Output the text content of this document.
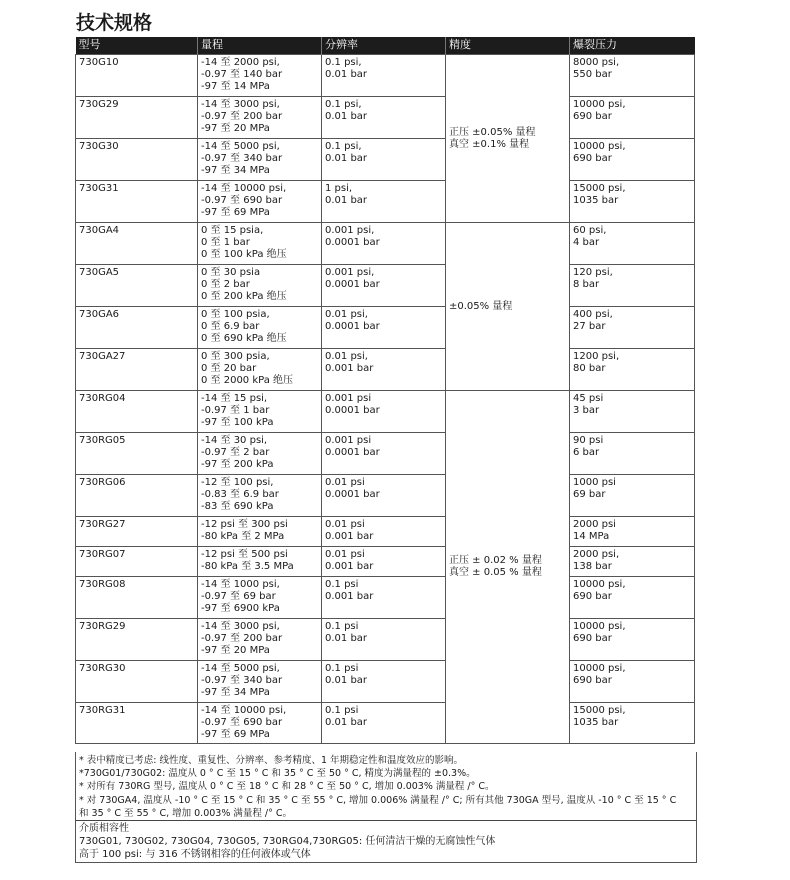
技术规格
型号	量程	分辨率	精度	爆裂压力
730G10	-14 至 2000 psi,
-0.97 至 140 bar
-97 至 14 MPa	0.1 psi,
0.01 bar	正压 ±0.05% 量程
真空 ±0.1% 量程	8000 psi,
550 bar

730G29	-14 至 3000 psi,
-0.97 至 200 bar
-97 至 20 MPa	0.1 psi,
0.01 bar		10000 psi,
690 bar

730G30	-14 至 5000 psi,
-0.97 至 340 bar
-97 至 34 MPa	0.1 psi,
0.01 bar		10000 psi,
690 bar

730G31	-14 至 10000 psi,
-0.97 至 690 bar
-97 至 69 MPa	1 psi,
0.01 bar		15000 psi,
1035 bar

730GA4	0 至 15 psia,
0 至 1 bar
0 至 100 kPa 绝压	0.001 psi,
0.0001 bar	±0.05% 量程	60 psi,
4 bar

730GA5	0 至 30 psia
0 至 2 bar
0 至 200 kPa 绝压	0.001 psi,
0.0001 bar		120 psi,
8 bar

730GA6	0 至 100 psia,
0 至 6.9 bar
0 至 690 kPa 绝压	0.01 psi,
0.0001 bar		400 psi,
27 bar

730GA27	0 至 300 psia,
0 至 20 bar
0 至 2000 kPa 绝压	0.01 psi,
0.001 bar		1200 psi,
80 bar

730RG04	-14 至 15 psi,
-0.97 至 1 bar
-97 至 100 kPa	0.001 psi
0.0001 bar	正压 ± 0.02 % 量程
真空 ± 0.05 % 量程	45 psi
3 bar

730RG05	-14 至 30 psi,
-0.97 至 2 bar
-97 至 200 kPa	0.001 psi
0.0001 bar		90 psi
6 bar

730RG06	-12 至 100 psi,
-0.83 至 6.9 bar
-83 至 690 kPa	0.01 psi
0.0001 bar		1000 psi
69 bar

730RG27	-12 psi 至 300 psi
-80 kPa 至 2 MPa	0.01 psi
0.001 bar		2000 psi
14 MPa

730RG07	-12 psi 至 500 psi
-80 kPa 至 3.5 MPa	0.01 psi
0.001 bar		2000 psi,
138 bar

730RG08	-14 至 1000 psi,
-0.97 至 69 bar
-97 至 6900 kPa	0.1 psi
0.001 bar		10000 psi,
690 bar

730RG29	-14 至 3000 psi,
-0.97 至 200 bar
-97 至 20 MPa	0.1 psi
0.01 bar		10000 psi,
690 bar

730RG30	-14 至 5000 psi,
-0.97 至 340 bar
-97 至 34 MPa	0.1 psi
0.01 bar		10000 psi,
690 bar

730RG31	-14 至 10000 psi,
-0.97 至 690 bar
-97 至 69 MPa	0.1 psi
0.01 bar		15000 psi,
1035 bar
* 表中精度已考虑: 线性度、重复性、分辨率、参考精度、1 年期稳定性和温度效应的影响。
*730G01/730G02: 温度从 0 ° C 至 15 ° C 和 35 ° C 至 50 ° C, 精度为满量程的 ±0.3%。
* 对所有 730RG 型号, 温度从 0 ° C 至 18 ° C 和 28 ° C 至 50 ° C, 增加 0.003% 满量程 /° C。
* 对 730GA4, 温度从 -10 ° C 至 15 ° C 和 35 ° C 至 55 ° C, 增加 0.006% 满量程 /° C; 所有其他 730GA 型号, 温度从 -10 ° C 至 15 ° C
和 35 ° C 至 55 ° C, 增加 0.003% 满量程 /° C。
介质相容性
730G01, 730G02, 730G04, 730G05, 730RG04,730RG05: 任何清洁干燥的无腐蚀性气体
高于 100 psi: 与 316 不锈钢相容的任何液体或气体
